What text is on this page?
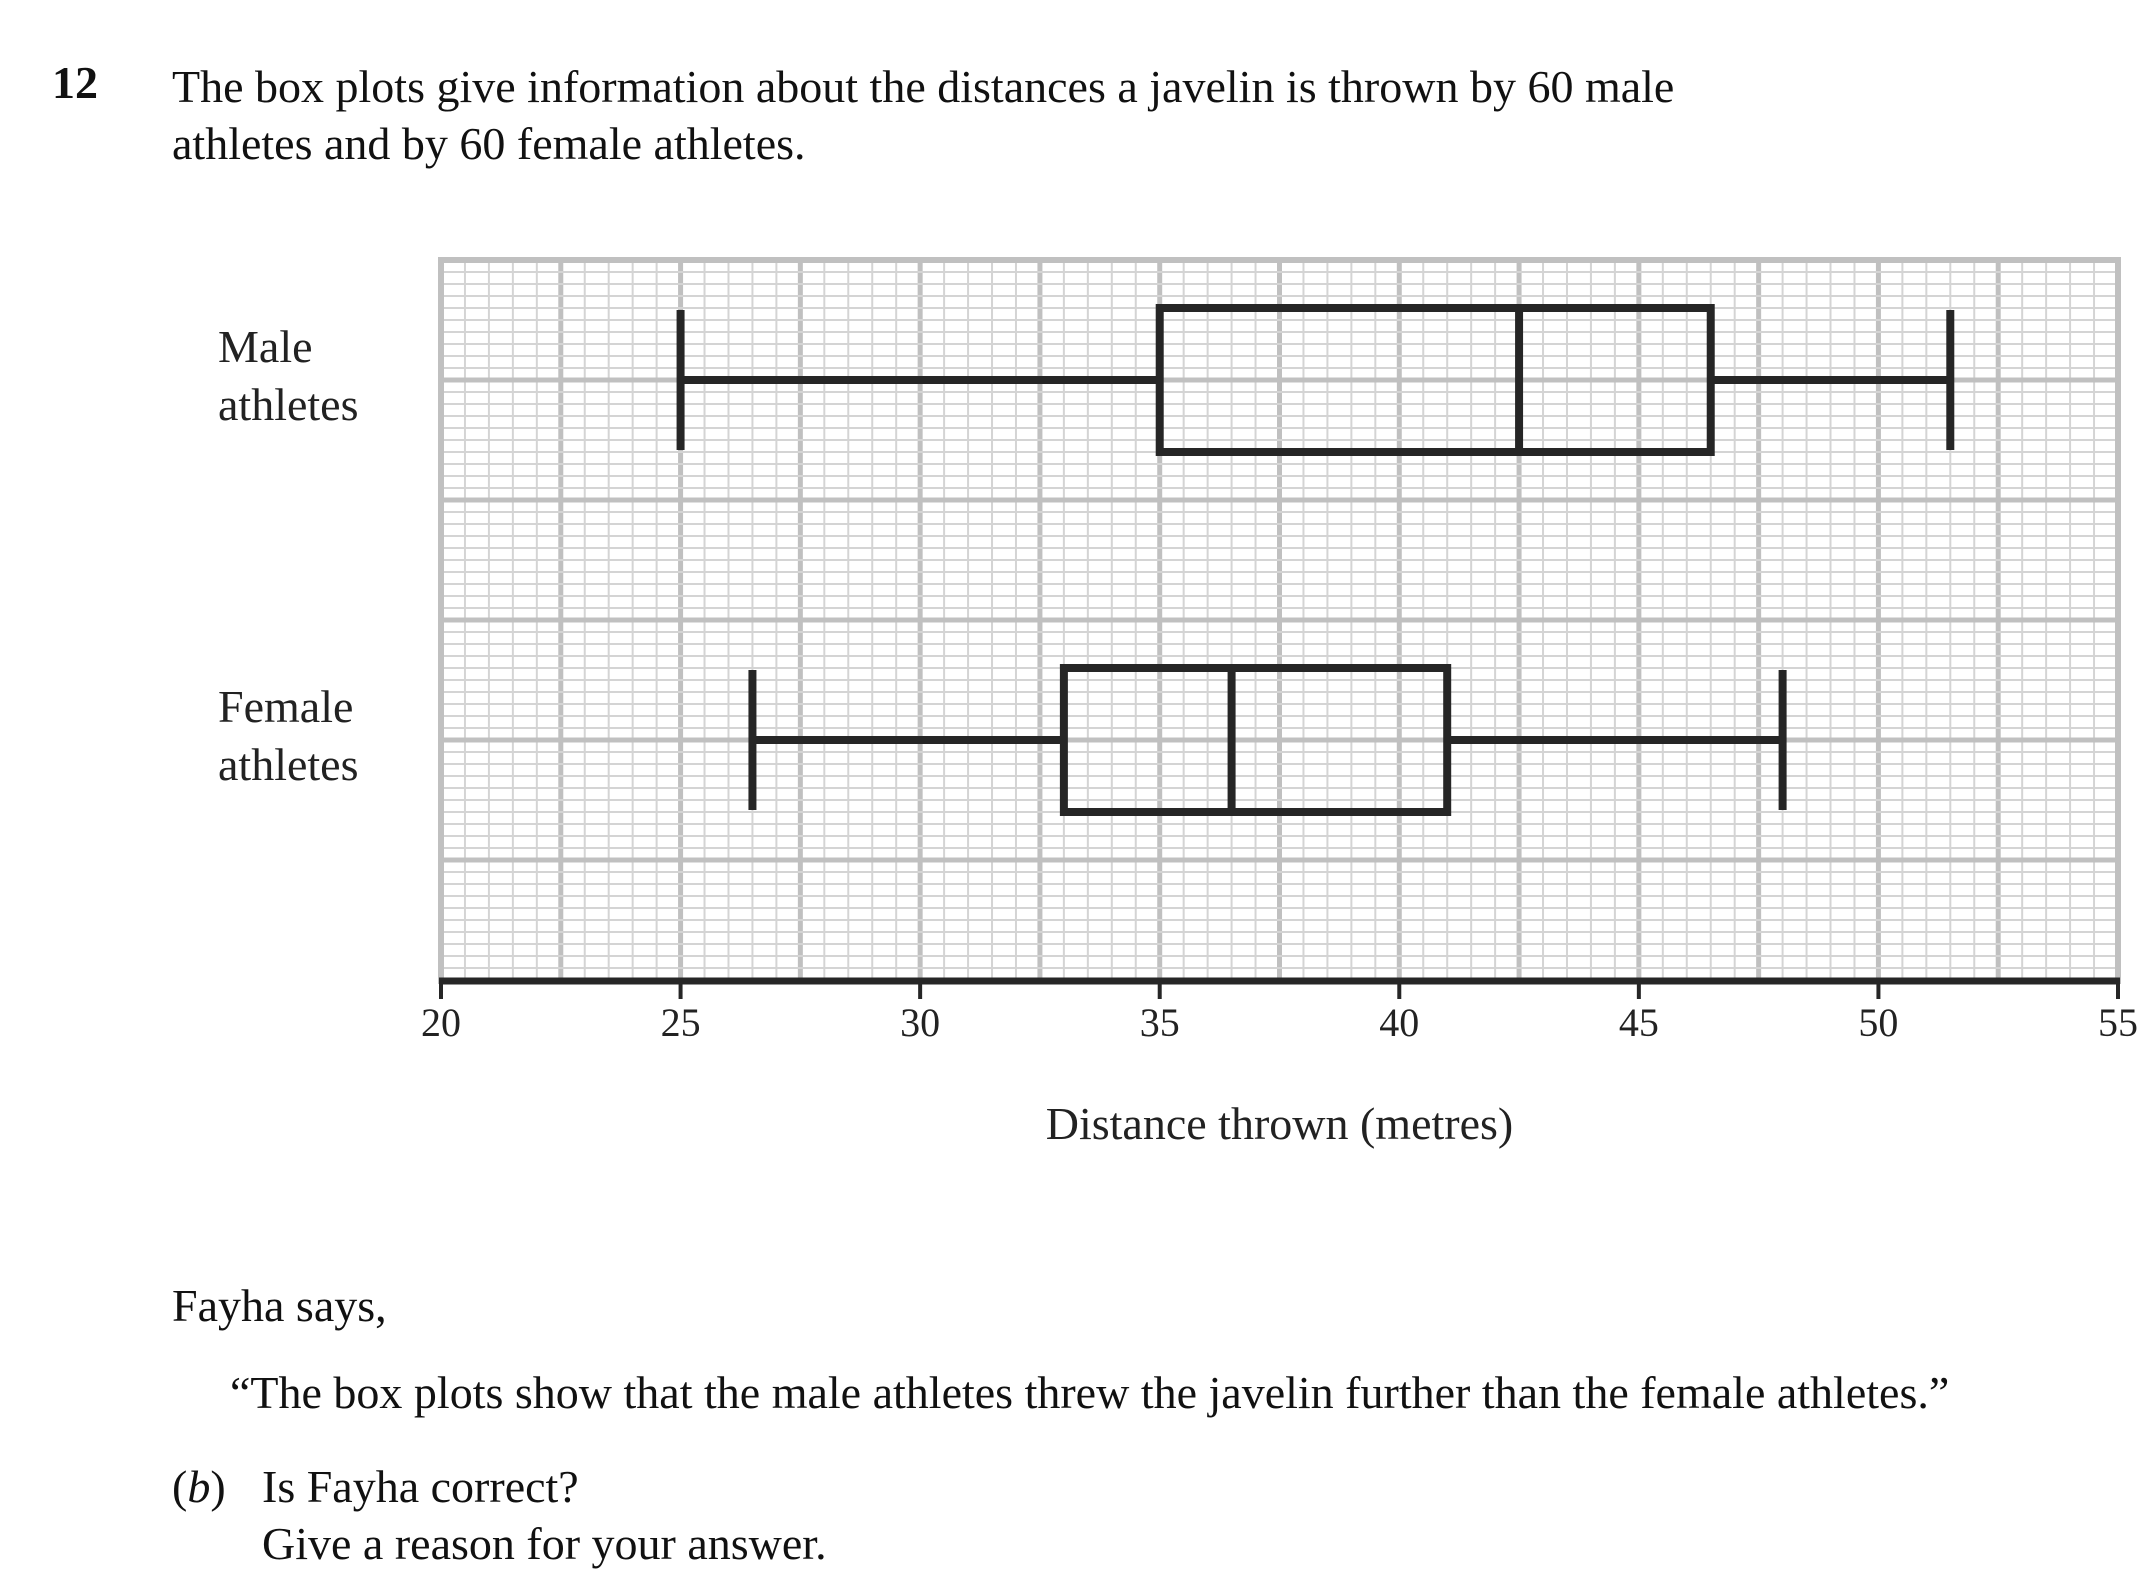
12 The box plots give information about the distances a javelin is thrown by 60 male
athletes and by 60 female athletes.

20	25	30	35	40	45	50	55
Distance thrown (metres)
Male athletes
Female athletes

Fayha says,

“The box plots show that the male athletes threw the javelin further than the female athletes.”

(b) Is Fayha correct?
Give a reason for your answer.
